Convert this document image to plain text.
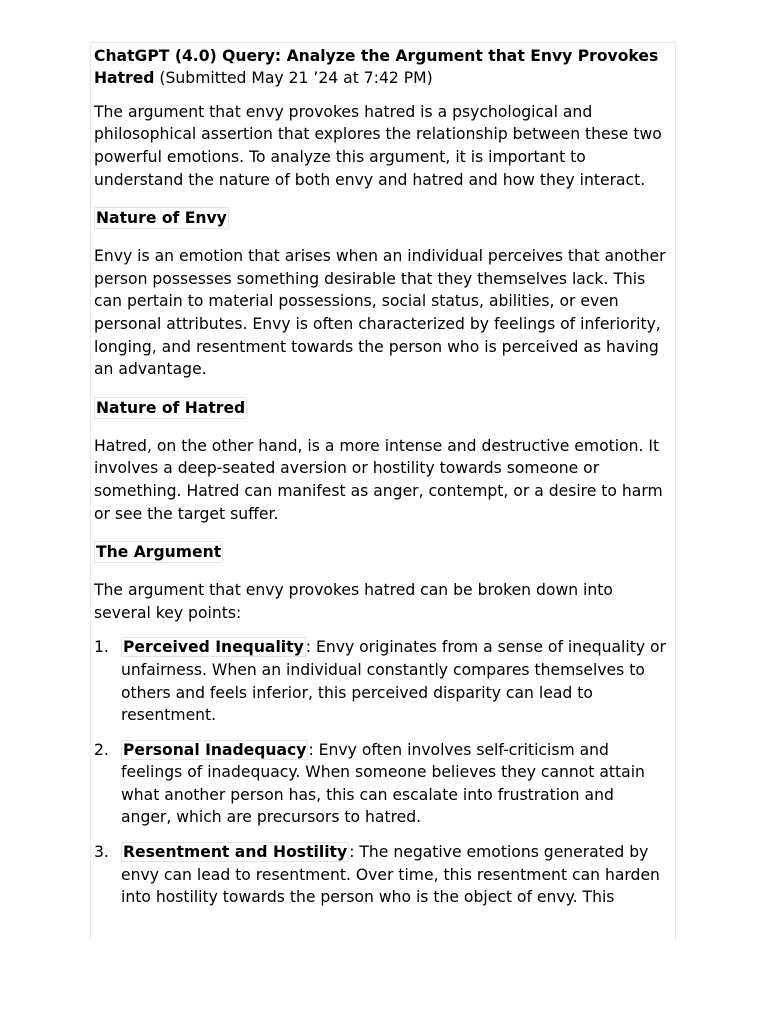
ChatGPT (4.0) Query: Analyze the Argument that Envy Provokes Hatred (Submitted May 21 ’24 at 7:42 PM)

The argument that envy provokes hatred is a psychological and philosophical assertion that explores the relationship between these two powerful emotions. To analyze this argument, it is important to understand the nature of both envy and hatred and how they interact.

Nature of Envy

Envy is an emotion that arises when an individual perceives that another person possesses something desirable that they themselves lack. This can pertain to material possessions, social status, abilities, or even personal attributes. Envy is often characterized by feelings of inferiority, longing, and resentment towards the person who is perceived as having an advantage.

Nature of Hatred

Hatred, on the other hand, is a more intense and destructive emotion. It involves a deep-seated aversion or hostility towards someone or something. Hatred can manifest as anger, contempt, or a desire to harm or see the target suffer.

The Argument

The argument that envy provokes hatred can be broken down into several key points:

1. Perceived Inequality : Envy originates from a sense of inequality or unfairness. When an individual constantly compares themselves to others and feels inferior, this perceived disparity can lead to resentment.
2. Personal Inadequacy : Envy often involves self-criticism and feelings of inadequacy. When someone believes they cannot attain what another person has, this can escalate into frustration and anger, which are precursors to hatred.
3. Resentment and Hostility : The negative emotions generated by envy can lead to resentment. Over time, this resentment can harden into hostility towards the person who is the object of envy. This
